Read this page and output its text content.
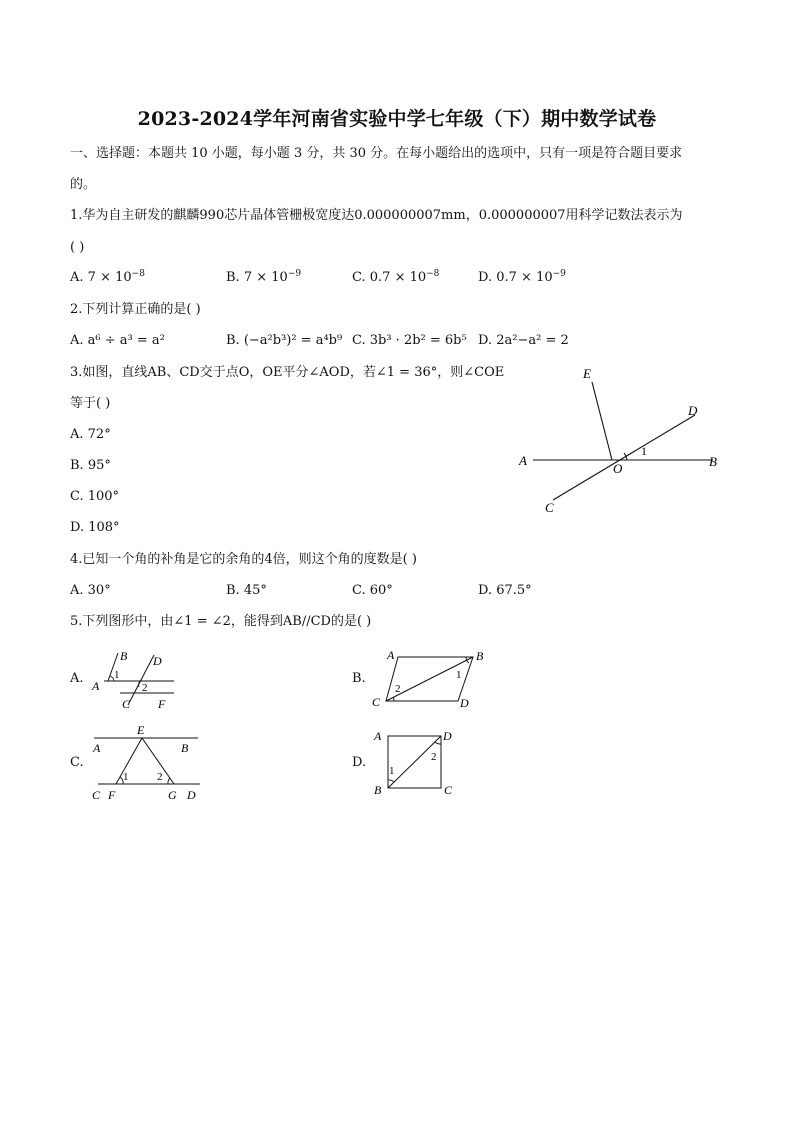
2023-2024学年河南省实验中学七年级（下）期中数学试卷
一、选择题：本题共 10 小题，每小题 3 分，共 30 分。在每小题给出的选项中，只有一项是符合题目要求
的。
1.华为自主研发的麒麟990芯片晶体管栅极宽度达0.000000007mm，0.000000007用科学记数法表示为
( )
A. $7 \times 10^{-8}$	B. $7 \times 10^{-9}$	C. $0.7 \times 10^{-8}$	D. $0.7 \times 10^{-9}$
2.下列计算正确的是( )
A. a⁶ ÷ a³ = a²	B. (−a²b³)² = a⁴b⁹ C. 3b³ · 2b² = 6b⁵ D. 2a²−a² = 2
3.如图，直线AB、CD交于点O，OE平分∠AOD，若∠1 = 36°，则∠COE
等于( )
A. 72°
B. 95°
C. 100°
D. 108°
E
D
A
O	B
C
1
4.已知一个角的补角是它的余角的4倍，则这个角的度数是( )
A. 30°	B. 45°	C. 60°	D. 67.5°
5.下列图形中，由∠1 = ∠2，能得到AB//CD的是( )
A.
B D
A
1
2
C F
B.
A	B
C	D
1
2
C.
E
A	B
1	2
C F	G D
D.
A	D
B	C
1
2
